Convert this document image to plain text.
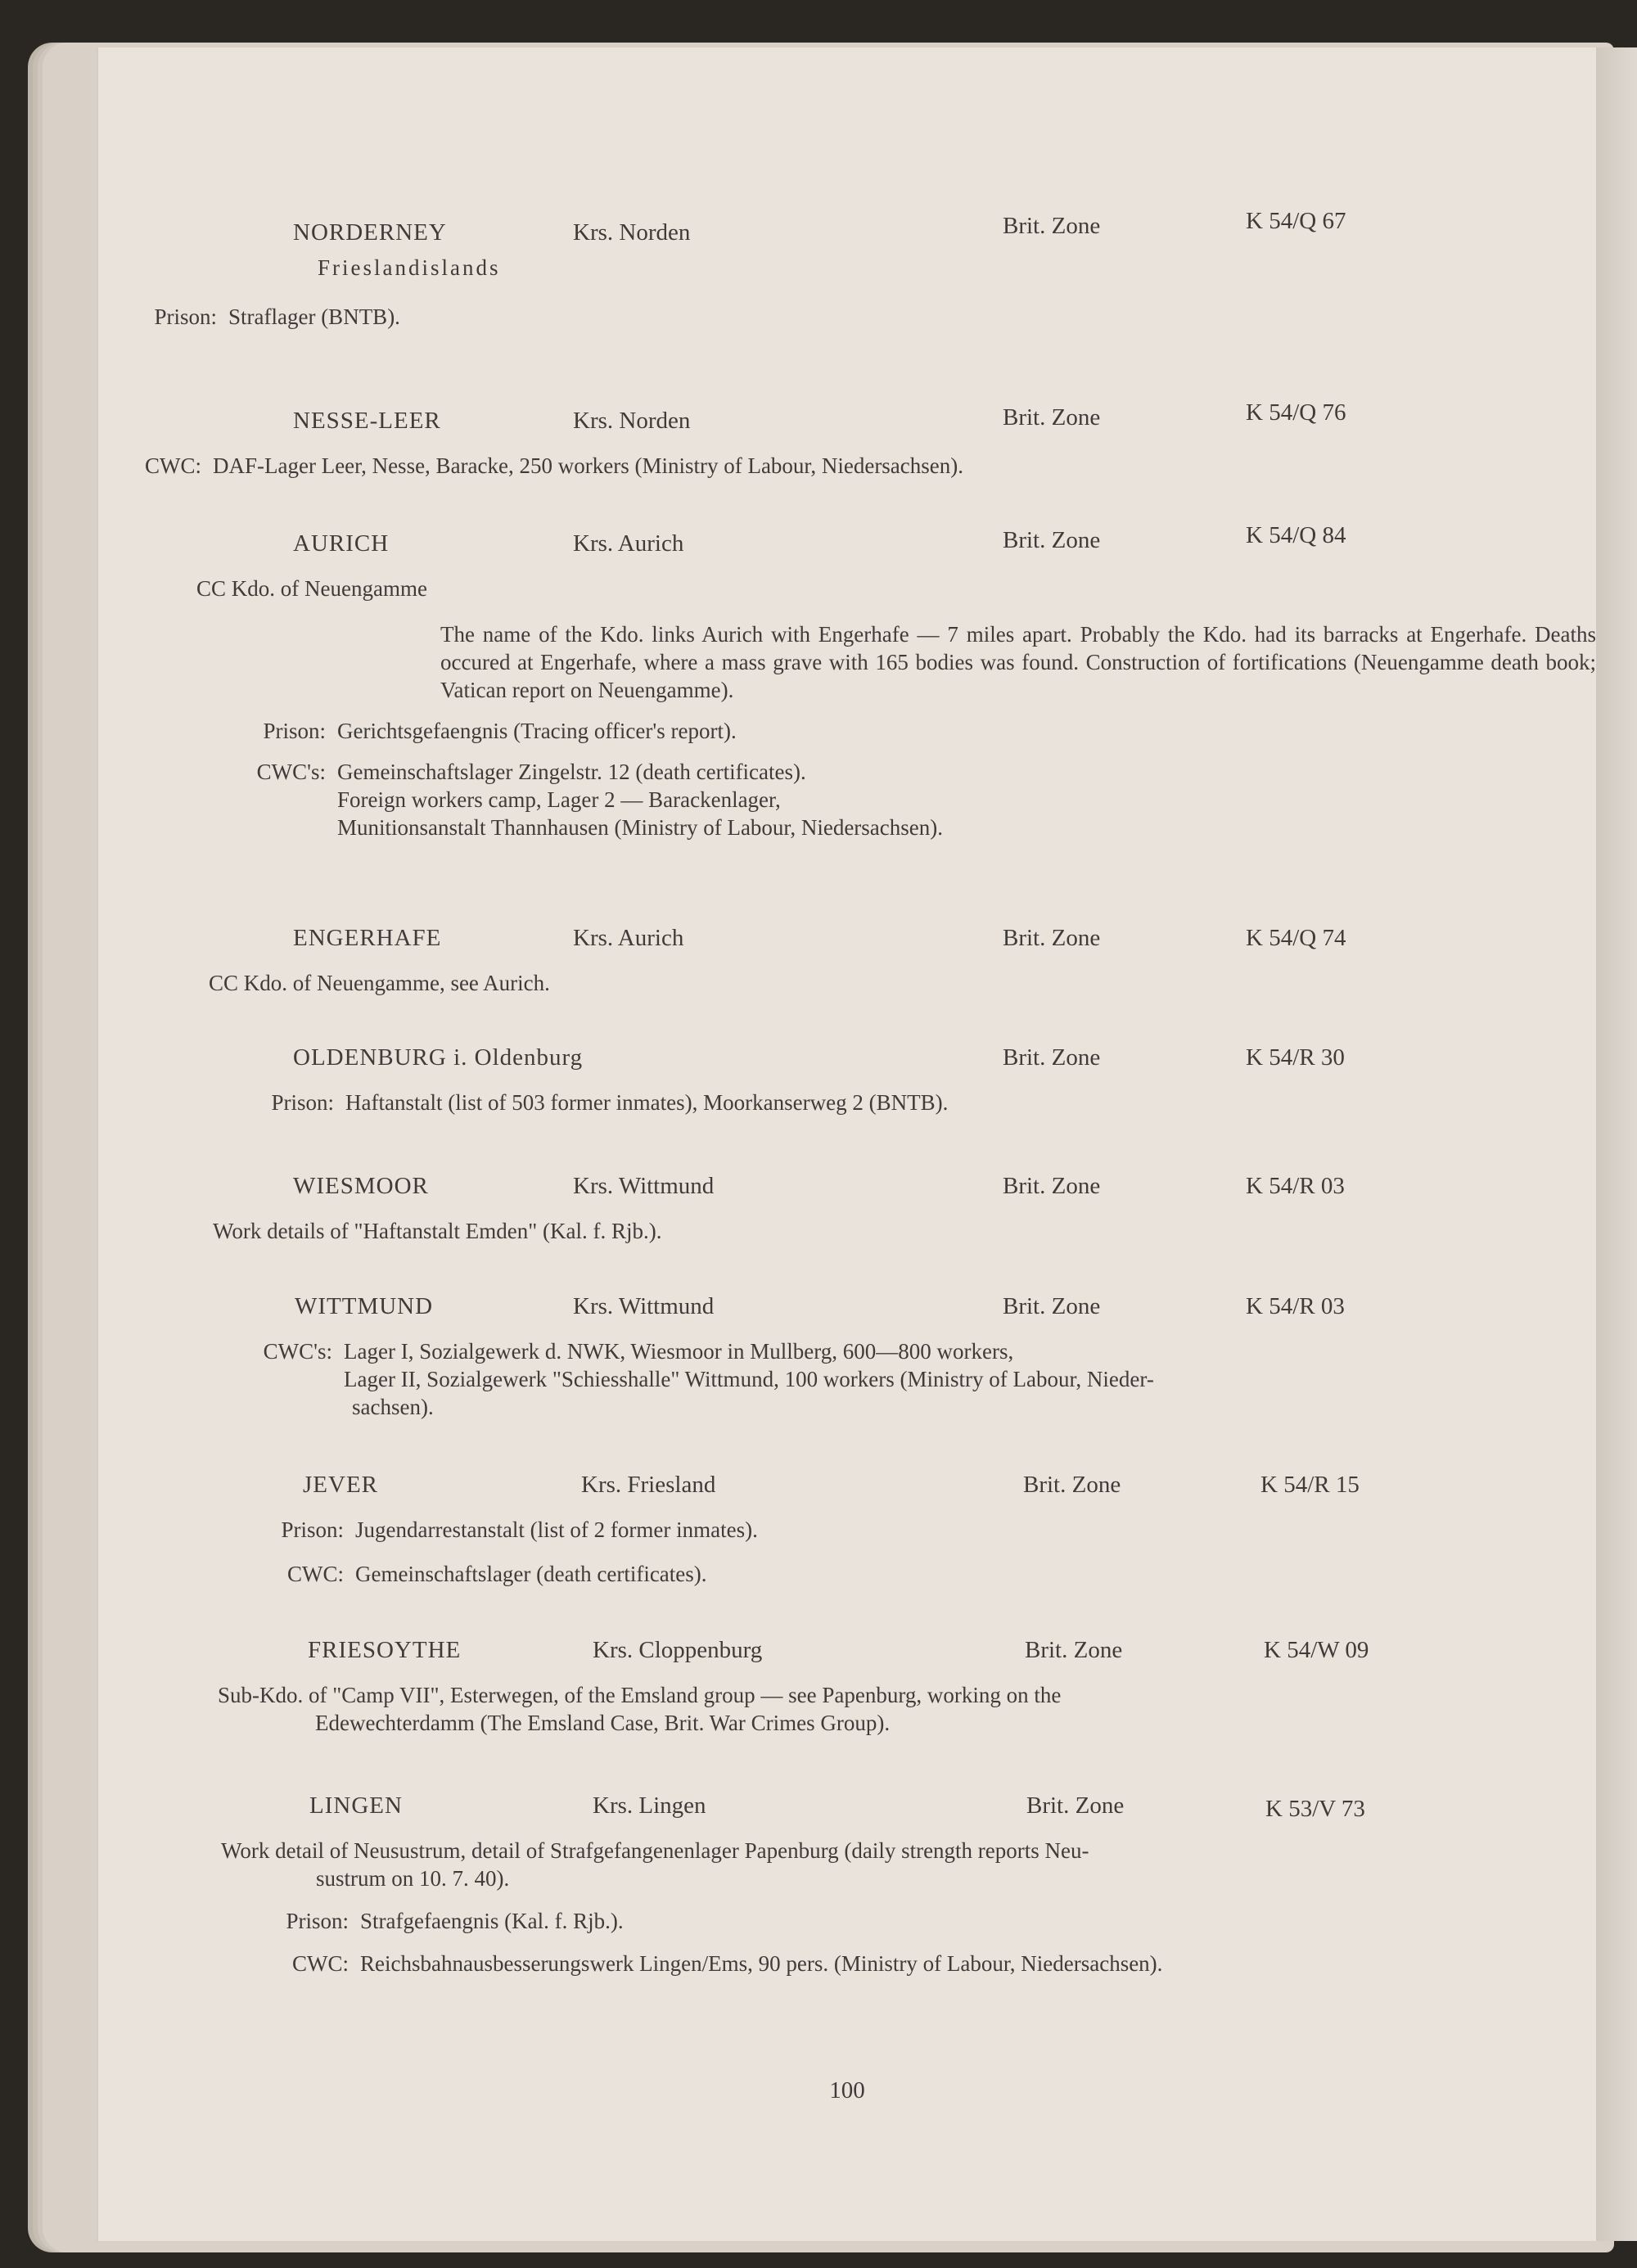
NORDERNEY	Krs. Norden	Brit. Zone	K 54/Q 67
Frieslandislands
Prison: Straflager (BNTB).
NESSE-LEER	Krs. Norden	Brit. Zone	K 54/Q 76
CWC: DAF-Lager Leer, Nesse, Baracke, 250 workers (Ministry of Labour, Niedersachsen).
AURICH	Krs. Aurich	Brit. Zone	K 54/Q 84
CC Kdo. of Neuengamme
The name of the Kdo. links Aurich with Engerhafe — 7 miles apart. Probably the Kdo. had its barracks at Engerhafe. Deaths occured at Engerhafe, where a mass grave with 165 bodies was found. Construction of fortifications (Neuengamme death book; Vatican report on Neuengamme).
Prison: Gerichtsgefaengnis (Tracing officer's report).
CWC's: Gemeinschaftslager Zingelstr. 12 (death certificates).
Foreign workers camp, Lager 2 — Barackenlager,
Munitionsanstalt Thannhausen (Ministry of Labour, Niedersachsen).
ENGERHAFE	Krs. Aurich	Brit. Zone	K 54/Q 74
CC Kdo. of Neuengamme, see Aurich.
OLDENBURG i. Oldenburg	Brit. Zone	K 54/R 30
Prison: Haftanstalt (list of 503 former inmates), Moorkanserweg 2 (BNTB).
WIESMOOR	Krs. Wittmund	Brit. Zone	K 54/R 03
Work details of "Haftanstalt Emden" (Kal. f. Rjb.).
WITTMUND	Krs. Wittmund	Brit. Zone	K 54/R 03
CWC's: Lager I, Sozialgewerk d. NWK, Wiesmoor in Mullberg, 600—800 workers,
Lager II, Sozialgewerk "Schiesshalle" Wittmund, 100 workers (Ministry of Labour, Nieder-
sachsen).
JEVER	Krs. Friesland	Brit. Zone	K 54/R 15
Prison: Jugendarrestanstalt (list of 2 former inmates).
CWC: Gemeinschaftslager (death certificates).
FRIESOYTHE	Krs. Cloppenburg	Brit. Zone	K 54/W 09
Sub-Kdo. of "Camp VII", Esterwegen, of the Emsland group — see Papenburg, working on the
Edewechterdamm (The Emsland Case, Brit. War Crimes Group).
LINGEN	Krs. Lingen	Brit. Zone	K 53/V 73
Work detail of Neusustrum, detail of Strafgefangenenlager Papenburg (daily strength reports Neu-
sustrum on 10. 7. 40).
Prison: Strafgefaengnis (Kal. f. Rjb.).
CWC: Reichsbahnausbesserungswerk Lingen/Ems, 90 pers. (Ministry of Labour, Niedersachsen).
100
